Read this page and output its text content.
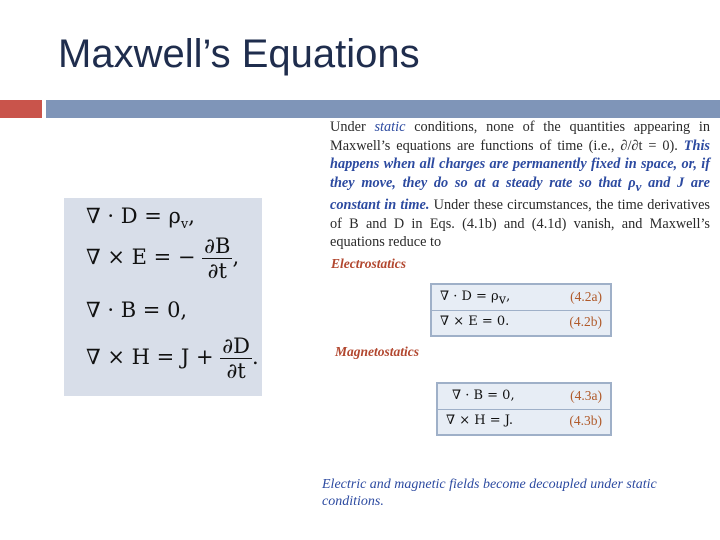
Maxwell’s Equations
∇ · $D = \rho_v$,
∇ × E = − $\frac{\partial B}{\partial t}$ ,
∇ · B = 0,
∇ × $H = J + \frac{\partial D}{\partial t}$ .
Under static conditions, none of the quantities appearing in Maxwell’s equations are functions of time (i.e., ∂/∂t = 0). This happens when all charges are permanently fixed in space, or, if they move, they do so at a steady rate so that $\rho_v$ and J are constant in time. Under these circumstances, the time derivatives of B and D in Eqs. (4.1b) and (4.1d) vanish, and Maxwell’s equations reduce to
Electrostatics
∇ · $D = \rho_v$,	(4.2a)
∇ × E = 0.	(4.2b)
Magnetostatics
∇ · B = 0,	(4.3a)
∇ × H = J.	(4.3b)
Electric and magnetic fields become decoupled under static conditions.
